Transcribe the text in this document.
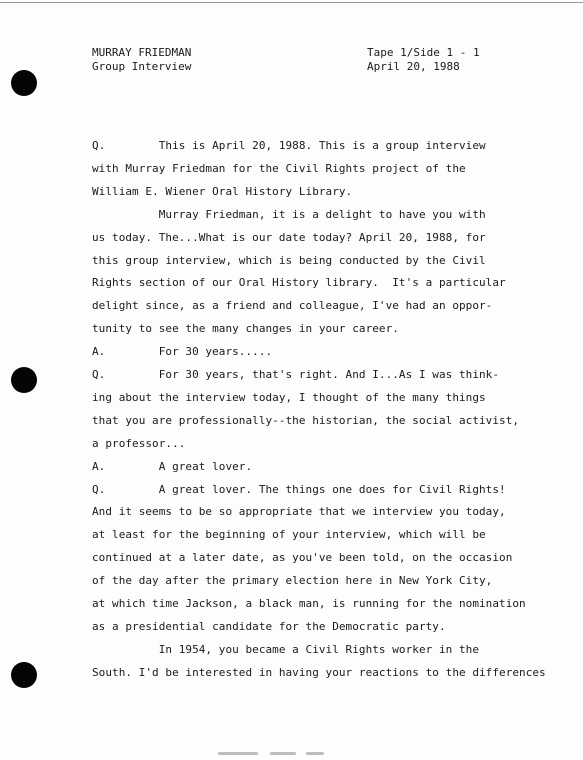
MURRAY FRIEDMAN
Group Interview
Tape 1/Side 1 - 1
April 20, 1988
Q.        This is April 20, 1988. This is a group interview
with Murray Friedman for the Civil Rights project of the
William E. Wiener Oral History Library.
Murray Friedman, it is a delight to have you with
us today. The...What is our date today? April 20, 1988, for
this group interview, which is being conducted by the Civil
Rights section of our Oral History library.  It's a particular
delight since, as a friend and colleague, I've had an oppor-
tunity to see the many changes in your career.
A.        For 30 years.....
Q.        For 30 years, that's right. And I...As I was think-
ing about the interview today, I thought of the many things
that you are professionally--the historian, the social activist,
a professor...
A.        A great lover.
Q.        A great lover. The things one does for Civil Rights!
And it seems to be so appropriate that we interview you today,
at least for the beginning of your interview, which will be
continued at a later date, as you've been told, on the occasion
of the day after the primary election here in New York City,
at which time Jackson, a black man, is running for the nomination
as a presidential candidate for the Democratic party.
In 1954, you became a Civil Rights worker in the
South. I'd be interested in having your reactions to the differences
